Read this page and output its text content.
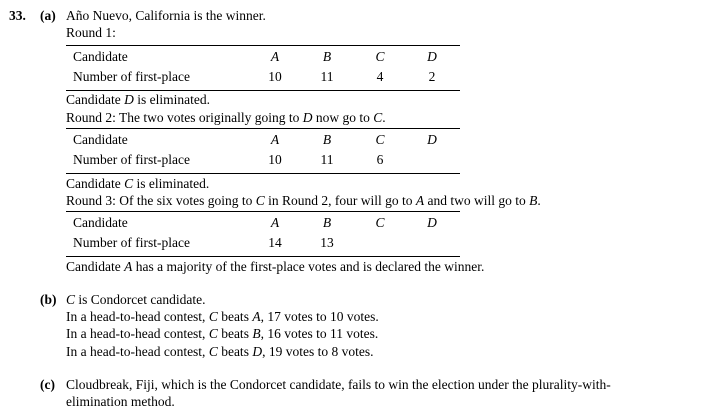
33. (a) Año Nuevo, California is the winner.
Round 1:
Candidate	A	B	C	D
Number of first-place	10	11	4	2
Candidate D is eliminated.
Round 2: The two votes originally going to D now go to C.
Candidate	A	B	C	D
Number of first-place	10	11	6
Candidate C is eliminated.
Round 3: Of the six votes going to C in Round 2, four will go to A and two will go to B.
Candidate	A	B	C	D
Number of first-place	14	13
Candidate A has a majority of the first-place votes and is declared the winner.
(b) C is Condorcet candidate.
In a head-to-head contest, C beats A, 17 votes to 10 votes.
In a head-to-head contest, C beats B, 16 votes to 11 votes.
In a head-to-head contest, C beats D, 19 votes to 8 votes.
(c) Cloudbreak, Fiji, which is the Condorcet candidate, fails to win the election under the plurality-with-
elimination method.
